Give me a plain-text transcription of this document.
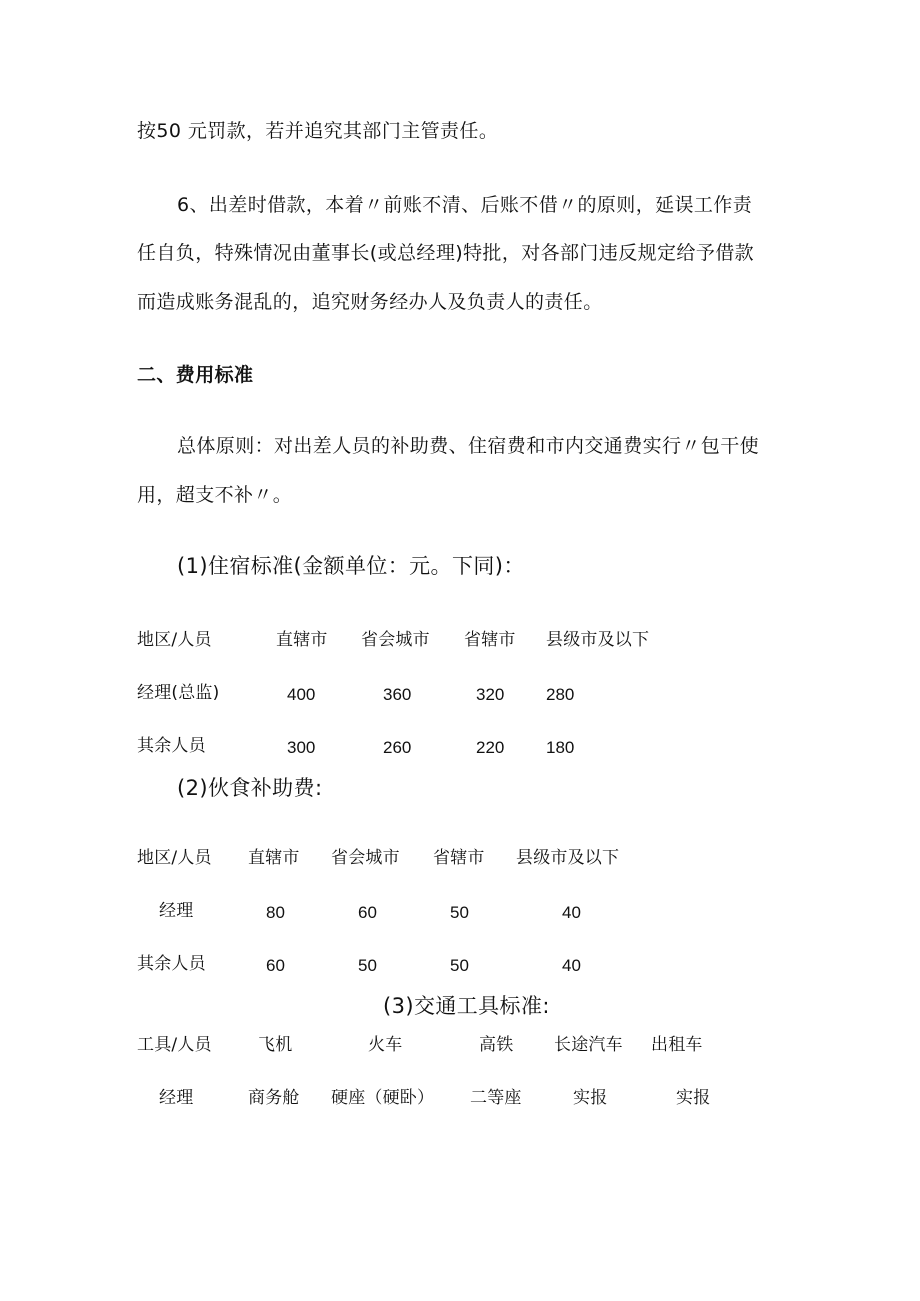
按50 元罚款，若并追究其部门主管责任。
6、出差时借款，本着〃前账不清、后账不借〃的原则，延误工作责
任自负，特殊情况由董事长(或总经理)特批，对各部门违反规定给予借款
而造成账务混乱的，追究财务经办人及负责人的责任。
二、费用标准
总体原则：对出差人员的补助费、住宿费和市内交通费实行〃包干使
用，超支不补〃。
(1)住宿标准(金额单位：元。下同)：
地区/人员	直辖市 省会城市 省辖市 县级市及以下
经理(总监)	400	360	320 280
其余人员	300	260	220 180
(2)伙食补助费:
地区/人员 直辖市 省会城市 省辖市 县级市及以下
经理	80	60	50	40
其余人员	60	50	50	40
(3)交通工具标准:
工具/人员	飞机	火车	高铁 长途汽车 出租车
经理	商务舱 硬座（硬卧） 二等座	实报	实报
